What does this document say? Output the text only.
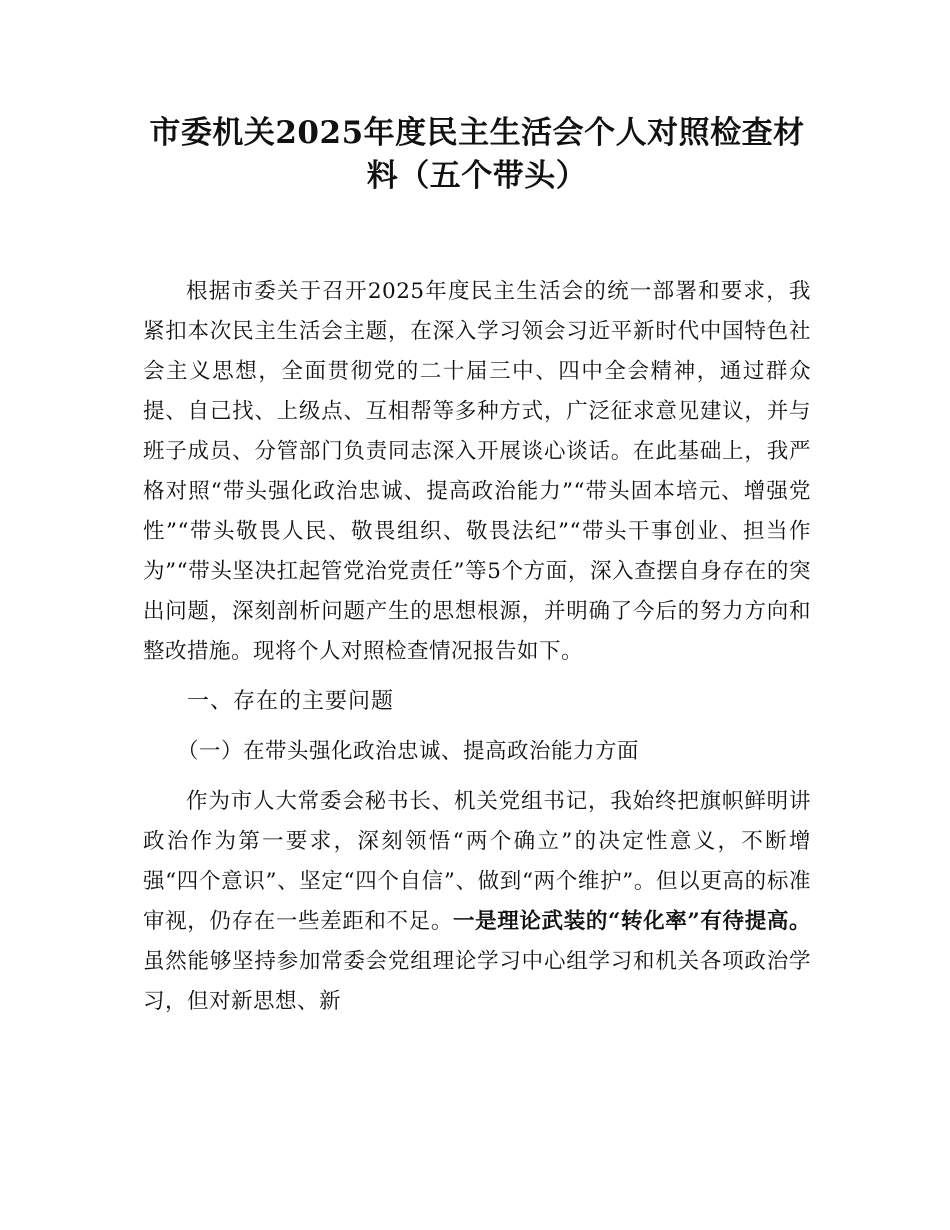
市委机关2025年度民主生活会个人对照检查材
料（五个带头）

根据市委关于召开2025年度民主生活会的统一部署和要求，我紧扣本次民主生活会主题，在深入学习领会习近平新时代中国特色社会主义思想，全面贯彻党的二十届三中、四中全会精神，通过群众提、自己找、上级点、互相帮等多种方式，广泛征求意见建议，并与班子成员、分管部门负责同志深入开展谈心谈话。在此基础上，我严格对照“带头强化政治忠诚、提高政治能力”“带头固本培元、增强党性”“带头敬畏人民、敬畏组织、敬畏法纪”“带头干事创业、担当作为”“带头坚决扛起管党治党责任”等5个方面，深入查摆自身存在的突出问题，深刻剖析问题产生的思想根源，并明确了今后的努力方向和整改措施。现将个人对照检查情况报告如下。

一、存在的主要问题

（一）在带头强化政治忠诚、提高政治能力方面

作为市人大常委会秘书长、机关党组书记，我始终把旗帜鲜明讲政治作为第一要求，深刻领悟“两个确立”的决定性意义，不断增强“四个意识”、坚定“四个自信”、做到“两个维护”。但以更高的标准审视，仍存在一些差距和不足。一是理论武装的“转化率”有待提高。虽然能够坚持参加常委会党组理论学习中心组学习和机关各项政治学习，但对新思想、新
